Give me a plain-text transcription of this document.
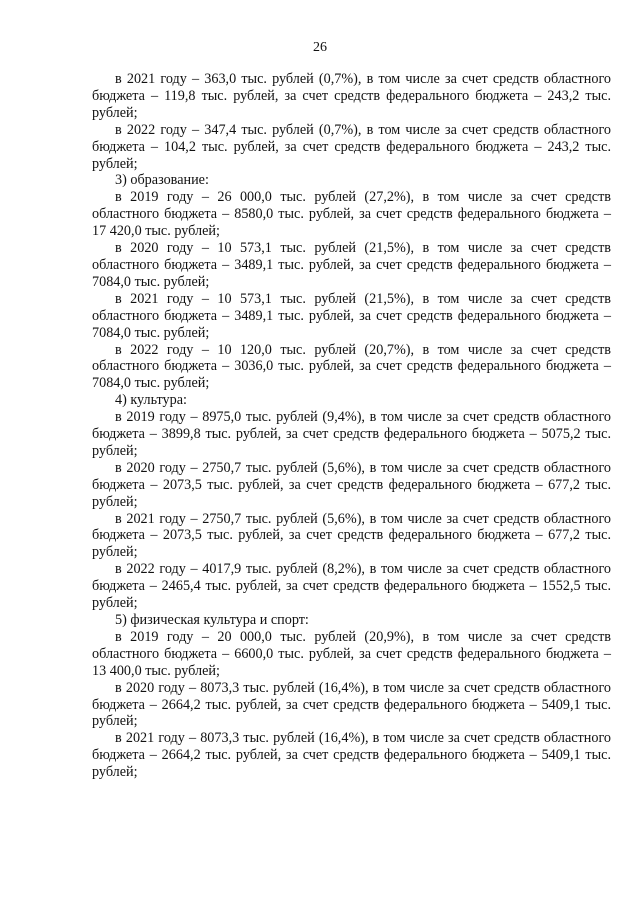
26

в 2021 году – 363,0 тыс. рублей (0,7%), в том числе за счет средств областного бюджета – 119,8 тыс. рублей, за счет средств федерального бюджета – 243,2 тыс. рублей;

в 2022 году – 347,4 тыс. рублей (0,7%), в том числе за счет средств областного бюджета – 104,2 тыс. рублей, за счет средств федерального бюджета – 243,2 тыс. рублей;

3) образование:

в 2019 году – 26 000,0 тыс. рублей (27,2%), в том числе за счет средств областного бюджета – 8580,0 тыс. рублей, за счет средств федерального бюджета – 17 420,0 тыс. рублей;

в 2020 году – 10 573,1 тыс. рублей (21,5%), в том числе за счет средств областного бюджета – 3489,1 тыс. рублей, за счет средств федерального бюджета – 7084,0 тыс. рублей;

в 2021 году – 10 573,1 тыс. рублей (21,5%), в том числе за счет средств областного бюджета – 3489,1 тыс. рублей, за счет средств федерального бюджета – 7084,0 тыс. рублей;

в 2022 году – 10 120,0 тыс. рублей (20,7%), в том числе за счет средств областного бюджета – 3036,0 тыс. рублей, за счет средств федерального бюджета – 7084,0 тыс. рублей;

4) культура:

в 2019 году – 8975,0 тыс. рублей (9,4%), в том числе за счет средств областного бюджета – 3899,8 тыс. рублей, за счет средств федерального бюджета – 5075,2 тыс. рублей;

в 2020 году – 2750,7 тыс. рублей (5,6%), в том числе за счет средств областного бюджета – 2073,5 тыс. рублей, за счет средств федерального бюджета – 677,2 тыс. рублей;

в 2021 году – 2750,7 тыс. рублей (5,6%), в том числе за счет средств областного бюджета – 2073,5 тыс. рублей, за счет средств федерального бюджета – 677,2 тыс. рублей;

в 2022 году – 4017,9 тыс. рублей (8,2%), в том числе за счет средств областного бюджета – 2465,4 тыс. рублей, за счет средств федерального бюджета – 1552,5 тыс. рублей;

5) физическая культура и спорт:

в 2019 году – 20 000,0 тыс. рублей (20,9%), в том числе за счет средств областного бюджета – 6600,0 тыс. рублей, за счет средств федерального бюджета – 13 400,0 тыс. рублей;

в 2020 году – 8073,3 тыс. рублей (16,4%), в том числе за счет средств областного бюджета – 2664,2 тыс. рублей, за счет средств федерального бюджета – 5409,1 тыс. рублей;

в 2021 году – 8073,3 тыс. рублей (16,4%), в том числе за счет средств областного бюджета – 2664,2 тыс. рублей, за счет средств федерального бюджета – 5409,1 тыс. рублей;
